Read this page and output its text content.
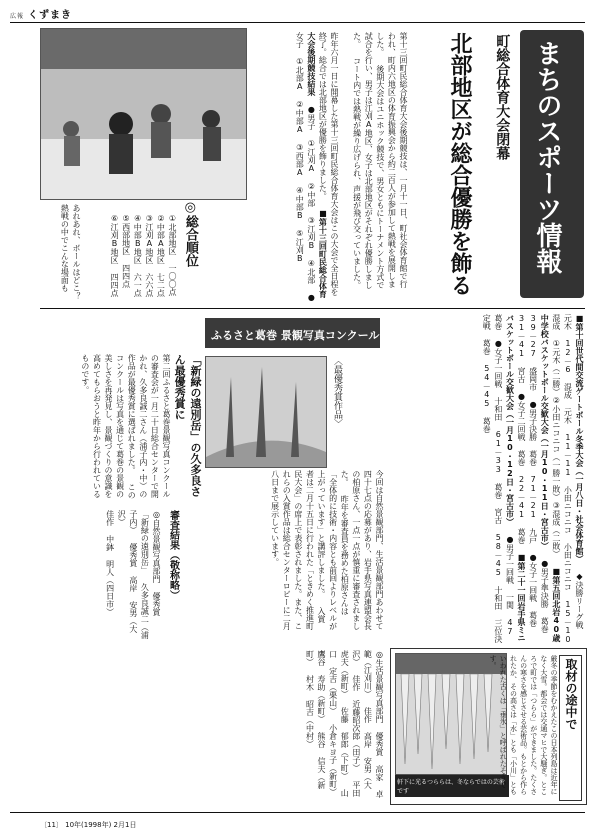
広報 くずまき
まちのスポーツ情報
町総合体育大会閉幕
北部地区が総合優勝を飾る
第十三回町民総合体育大会後期競技は、一月十一日、町社会体育館で行われ、町内六地区の体育振興会から約二百人が参加して熱戦を展開しました。 後期大会はユニホック競技で、男女ともにトーナメント方式で試合を行い、男子は江刈A地区、女子は北部地区がそれぞれ優勝しました。 コート内では熱戦が繰り広げられ、声援が飛び交っていました。
昨年六月一日に開幕した第十三回町民総合体育大会はこの大会で全日程を終了。総合では北部地区が優勝を飾りました。 ■第十三回町民総合体育大会後期競技結果 ●男子 ①江刈A ②中部 ③江刈B ④北部 ●女子 ①北部A ②中部A ③西部A ④中部B ⑤江刈B
◎総合順位
①北部地区 一〇〇点 ②中部A地区 七二点 ③江刈A地区 六六点 ④中部B地区 六一点 ⑤西部地区 四四点 ⑥江刈B地区 四四点
あれあれ、ボールはどこ？熱戦の中でこんな場面も
■第十回世代間交流ゲートボール冬季大会（一月八日・社会体育館） ◆決勝リーグ戦 元木 12－6 混成 元木 11－11 小田ニコニコ 小田ニコニコ 15－10 混成 ①元木（二勝）②小田ニコニコ（一勝一敗）③混成（二敗） ■第五回北岩40歳中学校バスケットボール交歓大会（一月10・11日・宮古市） ●男子準決勝 葛巻 39－27 盛岡市 ●男子決勝 葛巻 71－21 九戸 ●女子一回戦 葛巻 31－41 宮古 ●女子二回戦 葛巻 22－41 葛巻 ■第二十一回岩手県ミニバスケットボール交歓大会（一月10・12日・宮古市） ●男子一回戦 一関 47 葛巻 ●女子一回戦 十和田 61－33 葛巻 宮古 58－45 十和田 三位決定戦 葛巻 54－45 葛巻
ふるさと葛巻 景観写真コンクール
〈最優秀賞作品〉
「新緑の遠別岳」の久多良さん最優秀賞に
第二回ふるさと葛巻景観写真コンクールの審査会が一月二十日総合センターで開かれ、久多良誠二さん（浦子内・中）の作品が最優秀賞に選ばれました。 このコンクールは写真を通じて葛巻の景観の美しさを再発見し、景観づくりの意識を高めてもらおうと昨年から行われているものです。
今回は自然景観部門、生活景観部門あわせて四十七点の応募があり、岩手県写真連盟会長の柏原さん、一点一点が慎重に審査されました。 昨年を審査員を務めた柏原さんは「全体的に技術・内容とも前回よりレベルが上がっています」と講評しました。 入賞者は二月十五日に行われた「ときめく推進町民大会」の席上で表彰されました。また、これらの入賞作品は総合センターロビーに二月八日まで展示しています。
審査結果（敬称略）
◎自然景観写真部門 優秀賞 「新緑の遠別岳」 久多良誠二（浦子内） 優秀賞 高岸 安男（大沢） 佳作 中鉢 明人（四日市）
◎生活景観写真部門 優秀賞 高家 卓範（江刈川） 佳作 高岸 安男（大沢） 佳作 近藤昭次郎（田子） 平田 虎夫（新町） 佐藤 郁郎（下町） 山口 定吉（栗山） 小倉キヨ子（新町） 鷹谷 寿助（新町） 熊谷 信夫（新町） 村木 昭吉（中村）	取材の途中で
軒下に光るつららは、冬ならではの芸術です	厳冬の季節をむかえたこの日本列島は近年になく大雪。都会では交通マヒで大騒ぎ。ところで町では「つらら」ができました。たくさんの寒さを感じさせる芸術品。もとから作られたか、その高さは「水」とも「小川」ともいわれた古くは「垂氷」と呼ばれたそうです。
〔11〕 10年(1998年) 2月1日
